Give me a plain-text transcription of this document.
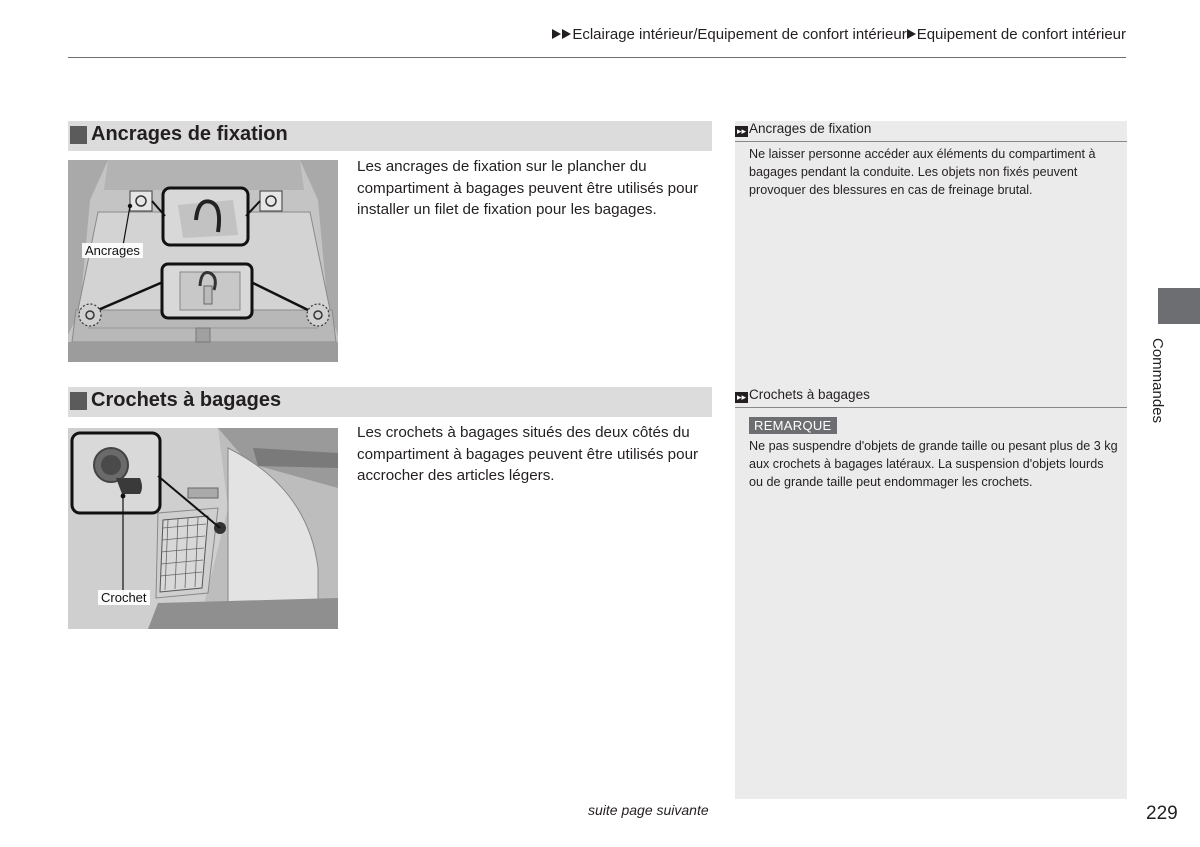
Eclairage intérieur/Equipement de confort intérieur Equipement de confort intérieur
Ancrages de fixation
Ancrages
Les ancrages de fixation sur le plancher du compartiment à bagages peuvent être utilisés pour installer un filet de fixation pour les bagages.
Crochets à bagages
Crochet
Les crochets à bagages situés des deux côtés du compartiment à bagages peuvent être utilisés pour accrocher des articles légers.
▸▸ Ancrages de fixation
Ne laisser personne accéder aux éléments du compartiment à bagages pendant la conduite. Les objets non fixés peuvent provoquer des blessures en cas de freinage brutal.
▸▸ Crochets à bagages
REMARQUE
Ne pas suspendre d'objets de grande taille ou pesant plus de 3 kg aux crochets à bagages latéraux. La suspension d'objets lourds ou de grande taille peut endommager les crochets.
Commandes
suite page suivante	229
